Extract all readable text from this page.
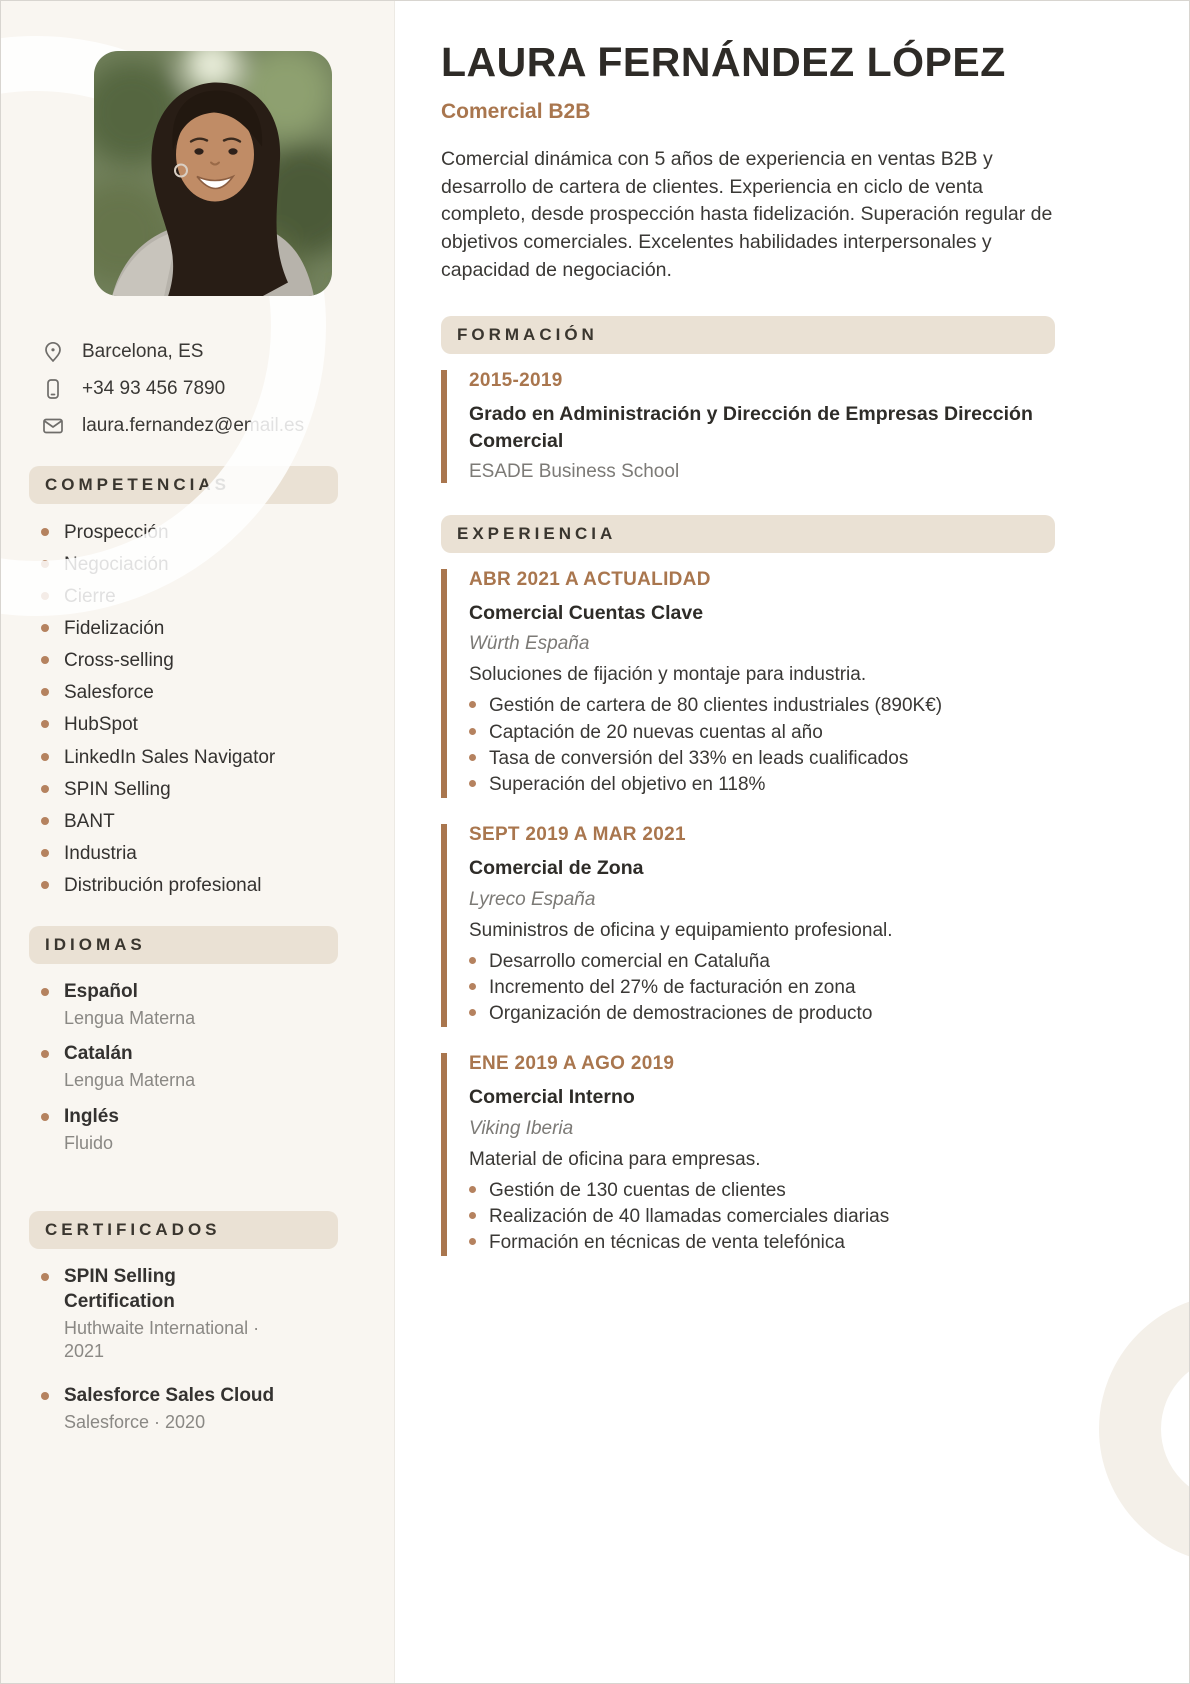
Barcelona, ES
+34 93 456 7890
laura.fernandez@email.es
COMPETENCIAS
Prospección
Negociación
Cierre
Fidelización
Cross-selling
Salesforce
HubSpot
LinkedIn Sales Navigator
SPIN Selling
BANT
Industria
Distribución profesional
IDIOMAS
Español
Lengua Materna
Catalán
Lengua Materna
Inglés
Fluido
CERTIFICADOS
SPIN Selling Certification
Huthwaite International · 2021
Salesforce Sales Cloud
Salesforce · 2020
LAURA FERNÁNDEZ LÓPEZ
Comercial B2B

Comercial dinámica con 5 años de experiencia en ventas B2B y desarrollo de cartera de clientes. Experiencia en ciclo de venta completo, desde prospección hasta fidelización. Superación regular de objetivos comerciales. Excelentes habilidades interpersonales y capacidad de negociación.

FORMACIÓN
2015-2019
Grado en Administración y Dirección de Empresas Dirección Comercial
ESADE Business School
EXPERIENCIA
ABR 2021 A ACTUALIDAD
Comercial Cuentas Clave
Würth España
Soluciones de fijación y montaje para industria.
Gestión de cartera de 80 clientes industriales (890K€)
Captación de 20 nuevas cuentas al año
Tasa de conversión del 33% en leads cualificados
Superación del objetivo en 118%
SEPT 2019 A MAR 2021
Comercial de Zona
Lyreco España
Suministros de oficina y equipamiento profesional.
Desarrollo comercial en Cataluña
Incremento del 27% de facturación en zona
Organización de demostraciones de producto
ENE 2019 A AGO 2019
Comercial Interno
Viking Iberia
Material de oficina para empresas.
Gestión de 130 cuentas de clientes
Realización de 40 llamadas comerciales diarias
Formación en técnicas de venta telefónica
